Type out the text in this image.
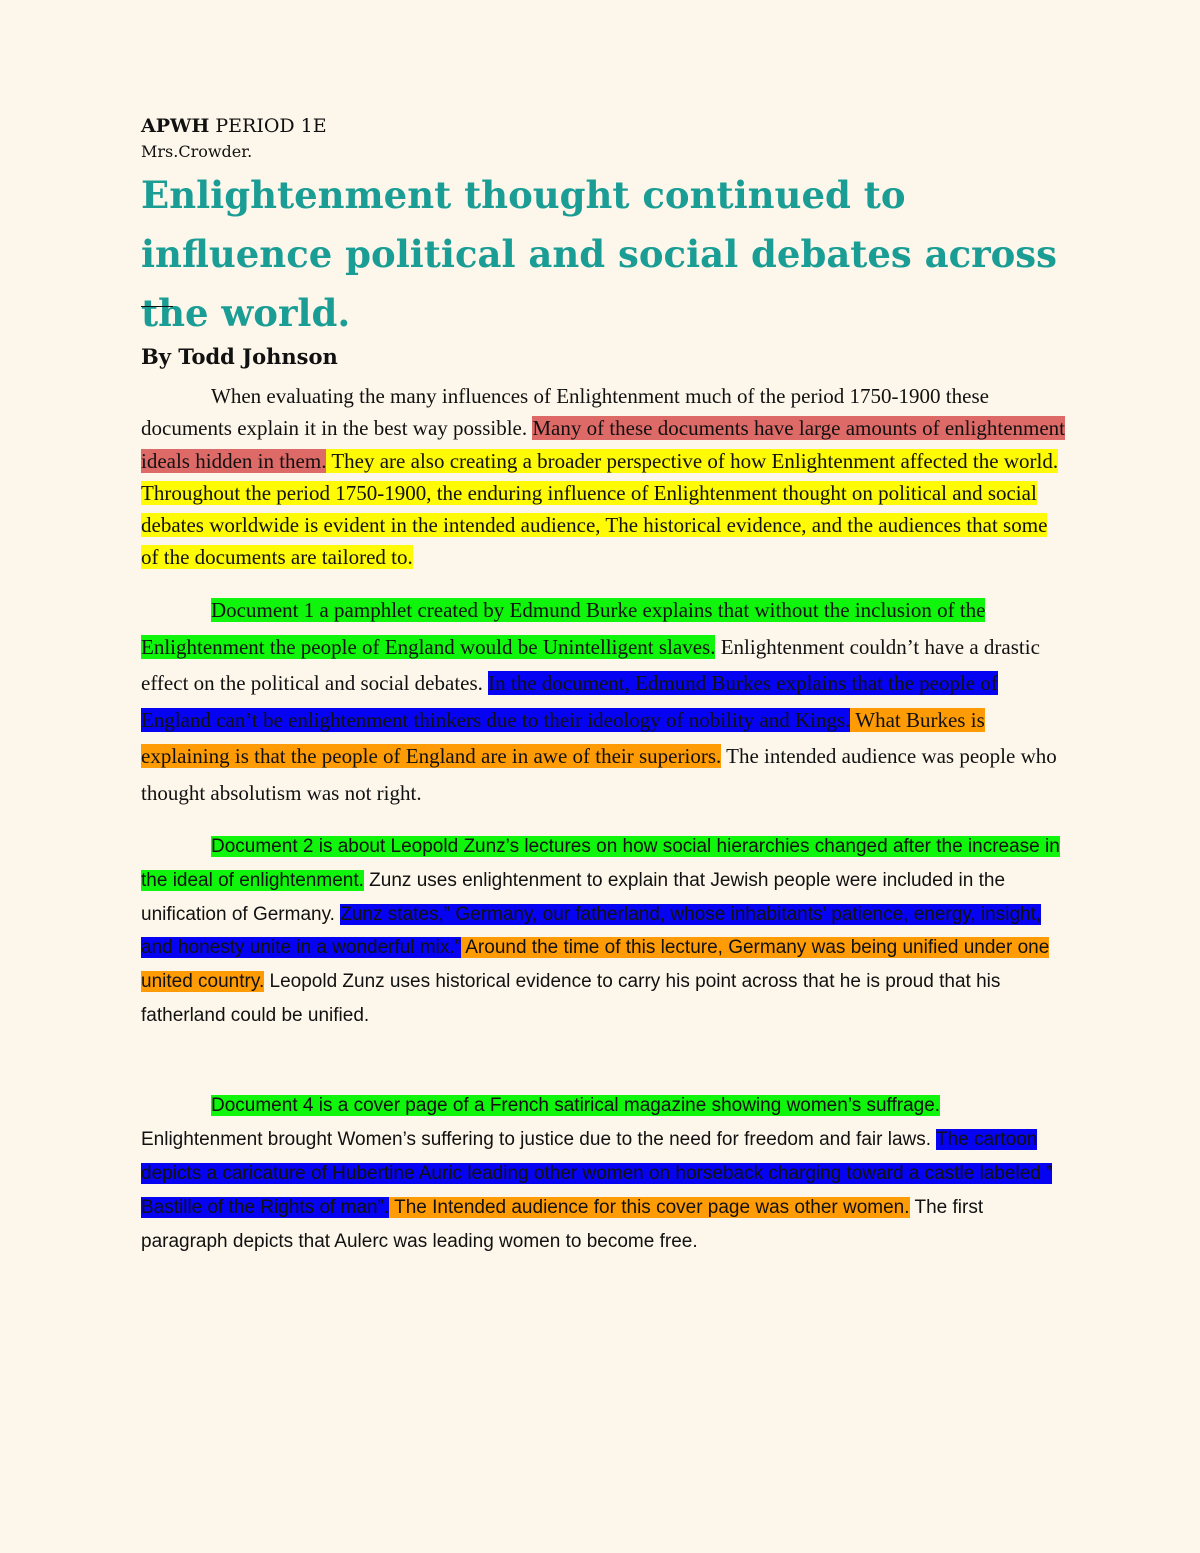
APWH PERIOD 1E
Mrs.Crowder.
Enlightenment thought continued to influence political and social debates across the world.
By Todd Johnson

When evaluating the many influences of Enlightenment much of the period 1750-1900 these documents explain it in the best way possible. Many of these documents have large amounts of enlightenment ideals hidden in them. They are also creating a broader perspective of how Enlightenment affected the world. Throughout the period 1750-1900, the enduring influence of Enlightenment thought on political and social debates worldwide is evident in the intended audience, The historical evidence, and the audiences that some of the documents are tailored to.

Document 1 a pamphlet created by Edmund Burke explains that without the inclusion of the Enlightenment the people of England would be Unintelligent slaves. Enlightenment couldn’t have a drastic effect on the political and social debates. In the document, Edmund Burkes explains that the people of England can’t be enlightenment thinkers due to their ideology of nobility and Kings. What Burkes is explaining is that the people of England are in awe of their superiors. The intended audience was people who thought absolutism was not right.

Document 2 is about Leopold Zunz’s lectures on how social hierarchies changed after the increase in the ideal of enlightenment. Zunz uses enlightenment to explain that Jewish people were included in the unification of Germany. Zunz states,” Germany, our fatherland, whose inhabitants’ patience, energy, insight, and honesty unite in a wonderful mix.” Around the time of this lecture, Germany was being unified under one united country. Leopold Zunz uses historical evidence to carry his point across that he is proud that his fatherland could be unified.

Document 4 is a cover page of a French satirical magazine showing women’s suffrage. Enlightenment brought Women’s suffering to justice due to the need for freedom and fair laws. The cartoon depicts a caricature of Hubertine Auric leading other women on horseback charging toward a castle labeled ” Bastille of the Rights of man”. The Intended audience for this cover page was other women. The first paragraph depicts that Aulerc was leading women to become free.
